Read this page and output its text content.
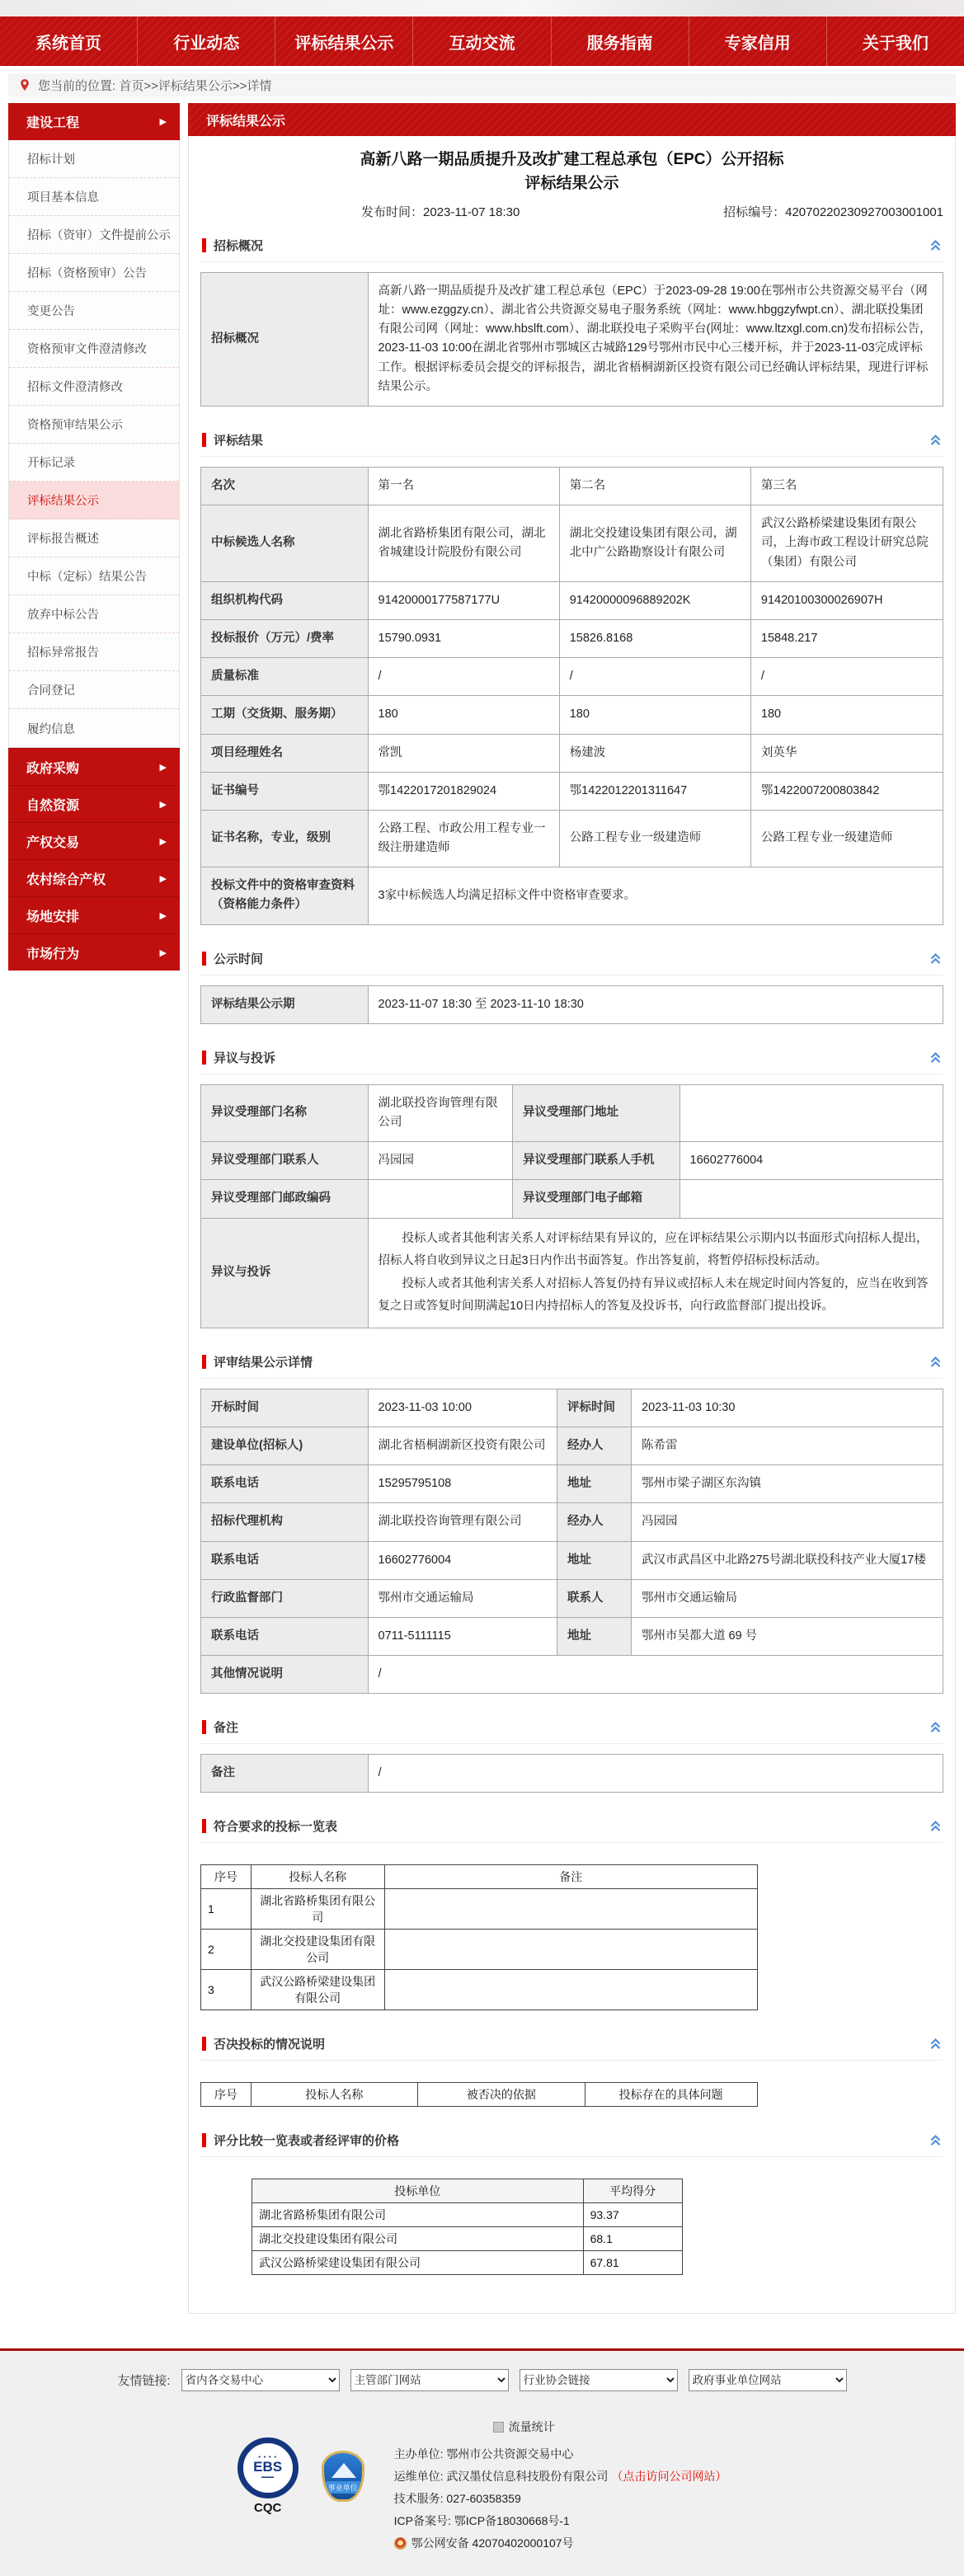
系统首页	行业动态	评标结果公示	互动交流	服务指南	专家信用	关于我们
您当前的位置: 首页>>评标结果公示>>详情
建设工程	▶
招标计划
项目基本信息
招标（资审）文件提前公示
招标（资格预审）公告
变更公告
资格预审文件澄清修改
招标文件澄清修改
资格预审结果公示
开标记录
评标结果公示
评标报告概述
中标（定标）结果公告
放弃中标公告
招标异常报告
合同登记
履约信息
政府采购	▶
自然资源	▶
产权交易	▶
农村综合产权	▶
场地安排	▶
市场行为	▶
评标结果公示
高新八路一期品质提升及改扩建工程总承包（EPC）公开招标
评标结果公示
发布时间：2023-11-07 18:30	招标编号：42070220230927003001001
招标概况
招标概况	高新八路一期品质提升及改扩建工程总承包（EPC）于2023-09-28 19:00在鄂州市公共资源交易平台（网址：www.ezggzy.cn）、湖北省公共资源交易电子服务系统（网址：www.hbggzyfwpt.cn）、湖北联投集团有限公司网（网址：www.hbslft.com）、湖北联投电子采购平台(网址：www.ltzxgl.com.cn)发布招标公告，2023-11-03 10:00在湖北省鄂州市鄂城区古城路129号鄂州市民中心三楼开标，并于2023-11-03完成评标工作。根据评标委员会提交的评标报告，湖北省梧桐湖新区投资有限公司已经确认评标结果，现进行评标结果公示。
评标结果
名次	第一名	第二名	第三名
中标候选人名称	湖北省路桥集团有限公司，湖北省城建设计院股份有限公司	湖北交投建设集团有限公司，湖北中广公路勘察设计有限公司	武汉公路桥梁建设集团有限公司，上海市政工程设计研究总院（集团）有限公司
组织机构代码	91420000177587177U	91420000096889202K	91420100300026907H
投标报价（万元）/费率	15790.0931	15826.8168	15848.217
质量标准	/	/	/
工期（交货期、服务期）	180	180	180
项目经理姓名	常凯	杨建波	刘英华
证书编号	鄂1422017201829024	鄂1422012201311647	鄂1422007200803842
证书名称，专业，级别	公路工程、市政公用工程专业一级注册建造师	公路工程专业一级建造师	公路工程专业一级建造师
投标文件中的资格审查资料（资格能力条件）	3家中标候选人均满足招标文件中资格审查要求。		
公示时间
评标结果公示期	2023-11-07 18:30 至 2023-11-10 18:30
异议与投诉
异议受理部门名称	湖北联投咨询管理有限公司	异议受理部门地址	
异议受理部门联系人	冯园园	异议受理部门联系人手机	16602776004
异议受理部门邮政编码		异议受理部门电子邮箱	
异议与投诉	投标人或者其他利害关系人对评标结果有异议的，应在评标结果公示期内以书面形式向招标人提出，招标人将自收到异议之日起3日内作出书面答复。作出答复前，将暂停招标投标活动。
投标人或者其他利害关系人对招标人答复仍持有异议或招标人未在规定时间内答复的，应当在收到答复之日或答复时间期满起10日内持招标人的答复及投诉书，向行政监督部门提出投诉。		
评审结果公示详情
开标时间	2023-11-03 10:00	评标时间	2023-11-03 10:30
建设单位(招标人)	湖北省梧桐湖新区投资有限公司	经办人	陈希雷
联系电话	15295795108	地址	鄂州市梁子湖区东沟镇
招标代理机构	湖北联投咨询管理有限公司	经办人	冯园园
联系电话	16602776004	地址	武汉市武昌区中北路275号湖北联投科技产业大厦17楼
行政监督部门	鄂州市交通运输局	联系人	鄂州市交通运输局
联系电话	0711-5111115	地址	鄂州市吴都大道 69 号
其他情况说明	/		
备注
备注	/
符合要求的投标一览表
序号	投标人名称	备注
1	湖北省路桥集团有限公司	
2	湖北交投建设集团有限公司	
3	武汉公路桥梁建设集团有限公司	
否决投标的情况说明
序号	投标人名称	被否决的依据	投标存在的具体问题
评分比较一览表或者经评审的价格
投标单位	平均得分
湖北省路桥集团有限公司	93.37
湖北交投建设集团有限公司	68.1
武汉公路桥梁建设集团有限公司	67.81
友情链接:
省内各交易中心
主管部门网站
行业协会链接
政府事业单位网站
• • • •
EBS
▬▬▬
CQC
事业单位
流量统计
主办单位: 鄂州市公共资源交易中心
运维单位: 武汉墨仗信息科技股份有限公司 （点击访问公司网站）
技术服务: 027-60358359
ICP备案号: 鄂ICP备18030668号-1
鄂公网安备 42070402000107号
